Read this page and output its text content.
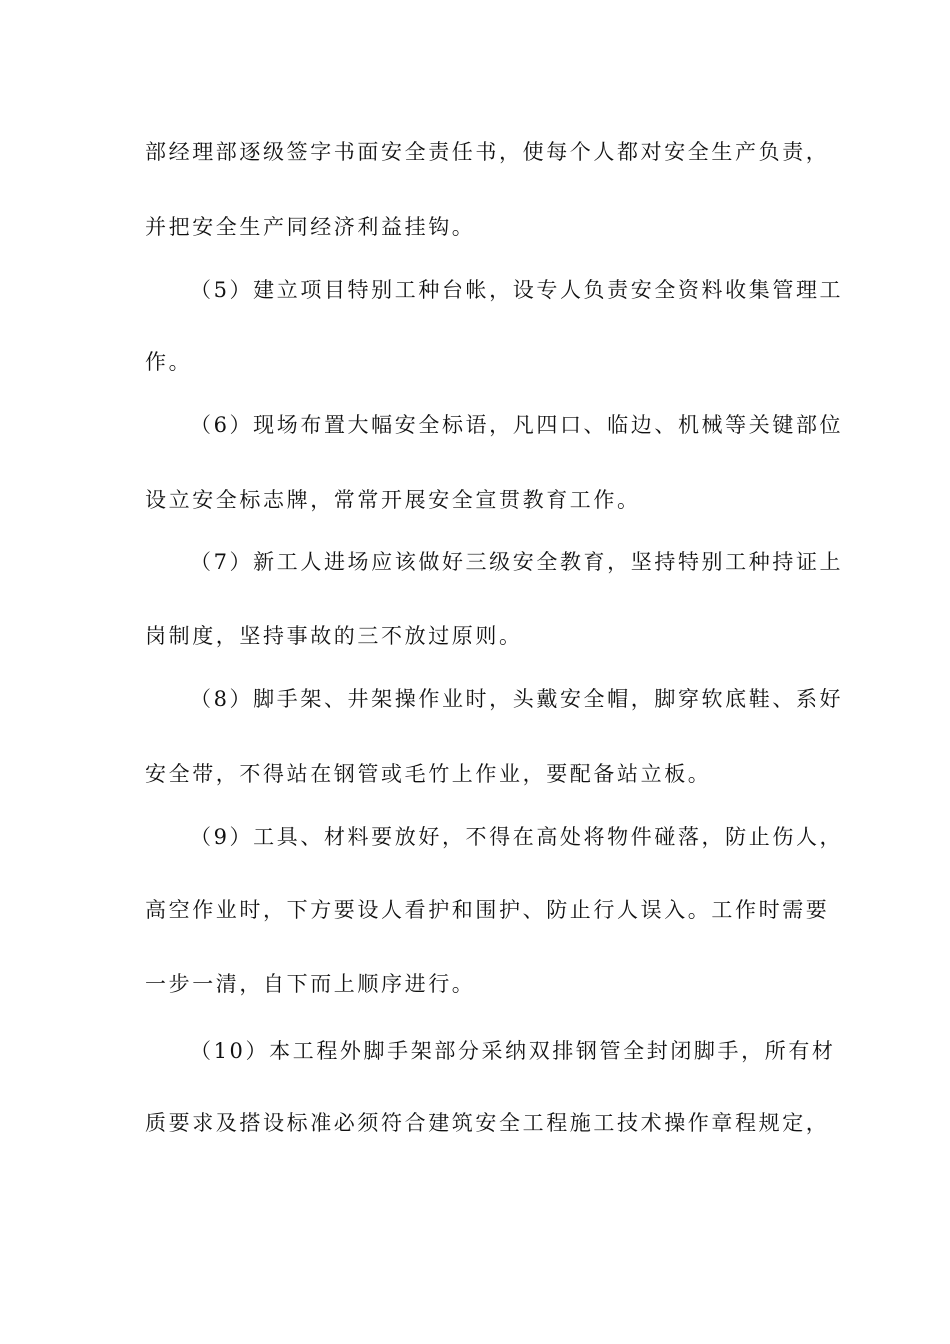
部经理部逐级签字书面安全责任书，使每个人都对安全生产负责，
并把安全生产同经济利益挂钩。
（5）建立项目特别工种台帐，设专人负责安全资料收集管理工
作。
（6）现场布置大幅安全标语，凡四口、临边、机械等关键部位
设立安全标志牌，常常开展安全宣贯教育工作。
（7）新工人进场应该做好三级安全教育，坚持特别工种持证上
岗制度，坚持事故的三不放过原则。
（8）脚手架、井架操作业时，头戴安全帽，脚穿软底鞋、系好
安全带，不得站在钢管或毛竹上作业，要配备站立板。
（9）工具、材料要放好，不得在高处将物件碰落，防止伤人，
高空作业时，下方要设人看护和围护、防止行人误入。工作时需要
一步一清，自下而上顺序进行。
（10）本工程外脚手架部分采纳双排钢管全封闭脚手，所有材
质要求及搭设标准必须符合建筑安全工程施工技术操作章程规定，
